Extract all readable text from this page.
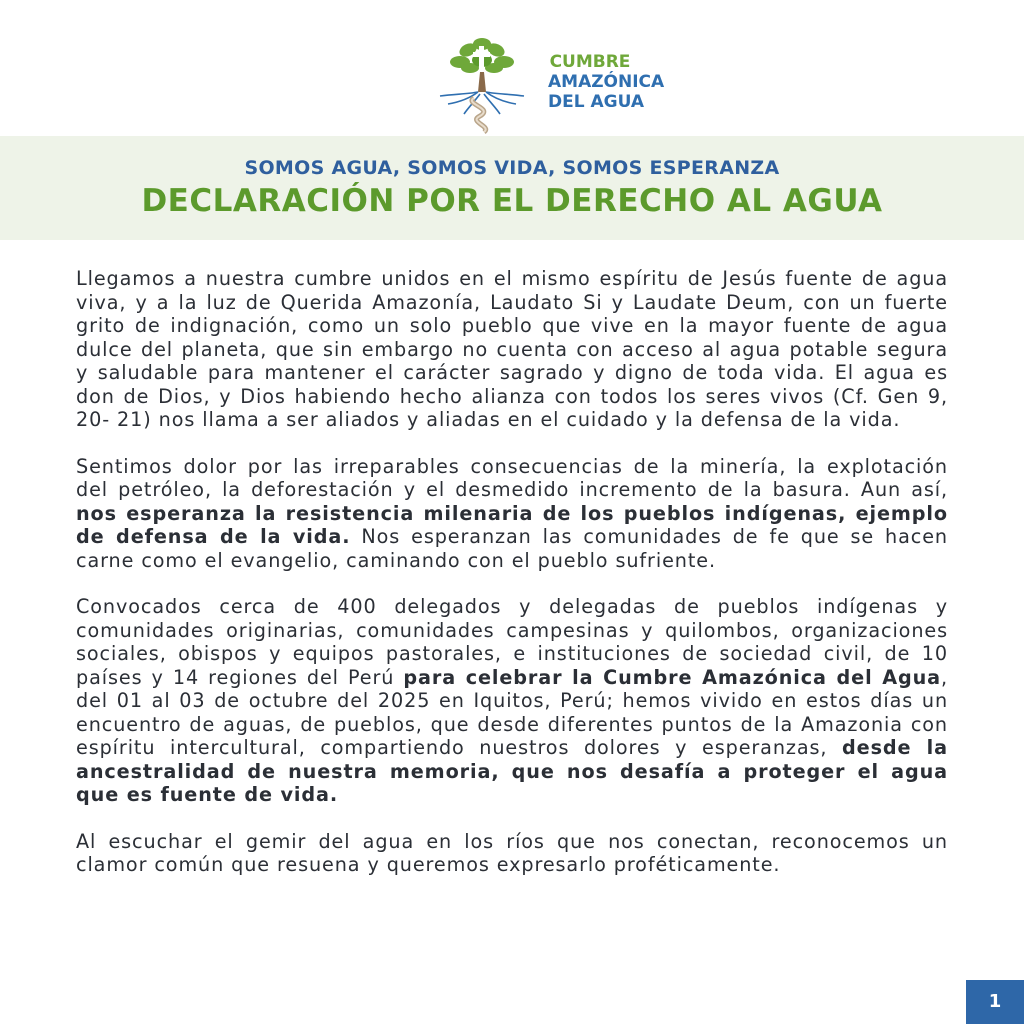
CUMBRE
AMAZÓNICA
DEL AGUA
SOMOS AGUA, SOMOS VIDA, SOMOS ESPERANZA
DECLARACIÓN POR EL DERECHO AL AGUA

Llegamos a nuestra cumbre unidos en el mismo espíritu de Jesús fuente de agua viva, y a la luz de Querida Amazonía, Laudato Si y Laudate Deum, con un fuerte grito de indignación, como un solo pueblo que vive en la mayor fuente de agua dulce del planeta, que sin embargo no cuenta con acceso al agua potable segura y saludable para mantener el carácter sagrado y digno de toda vida. El agua es don de Dios, y Dios habiendo hecho alianza con todos los seres vivos (Cf. Gen 9, 20- 21) nos llama a ser aliados y aliadas en el cuidado y la defensa de la vida.

Sentimos dolor por las irreparables consecuencias de la minería, la explotación del petróleo, la deforestación y el desmedido incremento de la basura. Aun así, nos esperanza la resistencia milenaria de los pueblos indígenas, ejemplo de defensa de la vida. Nos esperanzan las comunidades de fe que se hacen carne como el evangelio, caminando con el pueblo sufriente.

Convocados cerca de 400 delegados y delegadas de pueblos indígenas y comunidades originarias, comunidades campesinas y quilombos, organizaciones sociales, obispos y equipos pastorales, e instituciones de sociedad civil, de 10 países y 14 regiones del Perú para celebrar la Cumbre Amazónica del Agua, del 01 al 03 de octubre del 2025 en Iquitos, Perú; hemos vivido en estos días un encuentro de aguas, de pueblos, que desde diferentes puntos de la Amazonia con espíritu intercultural, compartiendo nuestros dolores y esperanzas, desde la ancestralidad de nuestra memoria, que nos desafía a proteger el agua que es fuente de vida.

Al escuchar el gemir del agua en los ríos que nos conectan, reconocemos un clamor común que resuena y queremos expresarlo proféticamente.

1
